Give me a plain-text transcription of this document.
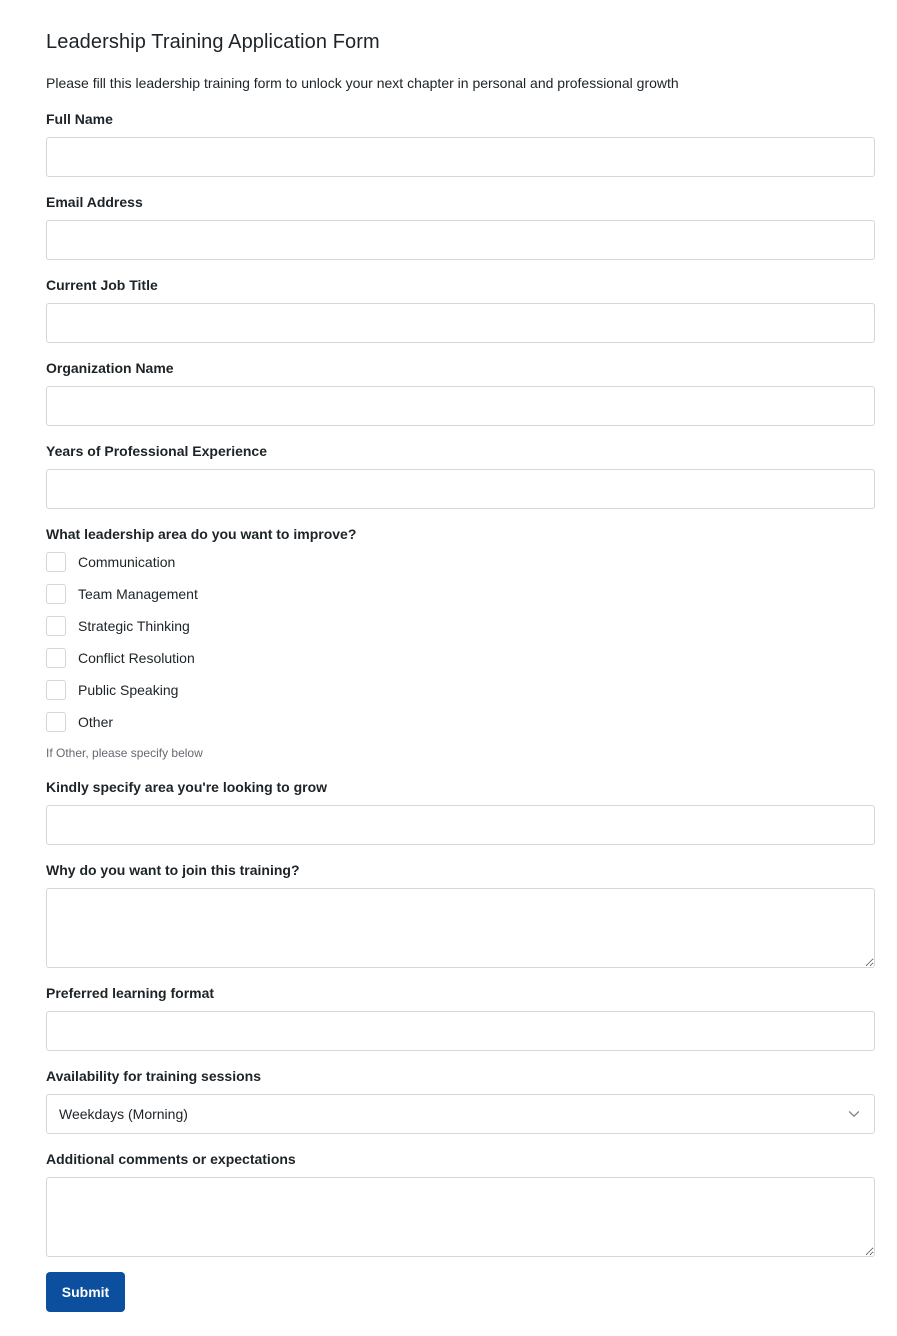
Leadership Training Application Form
Please fill this leadership training form to unlock your next chapter in personal and professional growth
Full Name
Email Address
Current Job Title
Organization Name
Years of Professional Experience
What leadership area do you want to improve?
Communication
Team Management
Strategic Thinking
Conflict Resolution
Public Speaking
Other
If Other, please specify below
Kindly specify area you're looking to grow
Why do you want to join this training?
Preferred learning format
Availability for training sessions
Weekdays (Morning)
Additional comments or expectations
Submit
